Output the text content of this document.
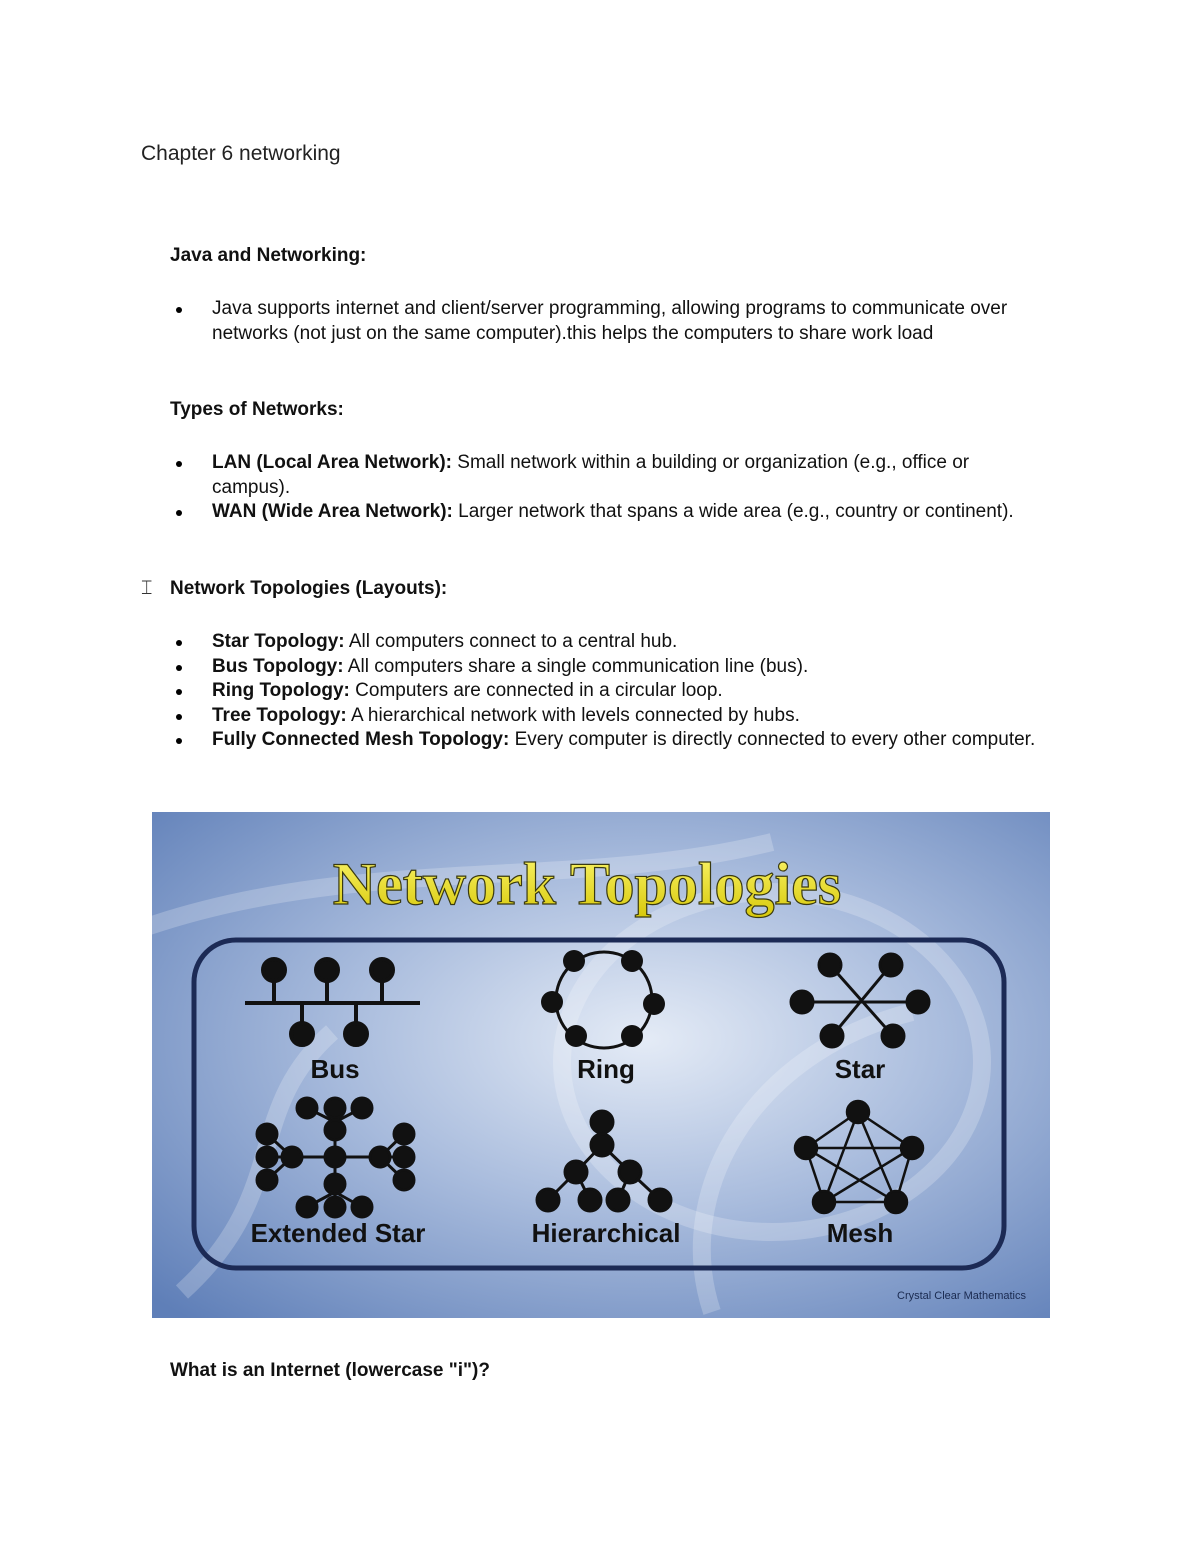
Chapter 6 networking
Java and Networking:
Java supports internet and client/server programming, allowing programs to communicate over networks (not just on the same computer).this helps the computers to share work load
Types of Networks:
LAN (Local Area Network): Small network within a building or organization (e.g., office or campus).
WAN (Wide Area Network): Larger network that spans a wide area (e.g., country or continent).
⌶ Network Topologies (Layouts):
Star Topology: All computers connect to a central hub.
Bus Topology: All computers share a single communication line (bus).
Ring Topology: Computers are connected in a circular loop.
Tree Topology: A hierarchical network with levels connected by hubs.
Fully Connected Mesh Topology: Every computer is directly connected to every other computer.
Network Topologies
Bus	Ring	Star
Extended Star	Hierarchical	Mesh
Crystal Clear Mathematics
What is an Internet (lowercase "i")?
